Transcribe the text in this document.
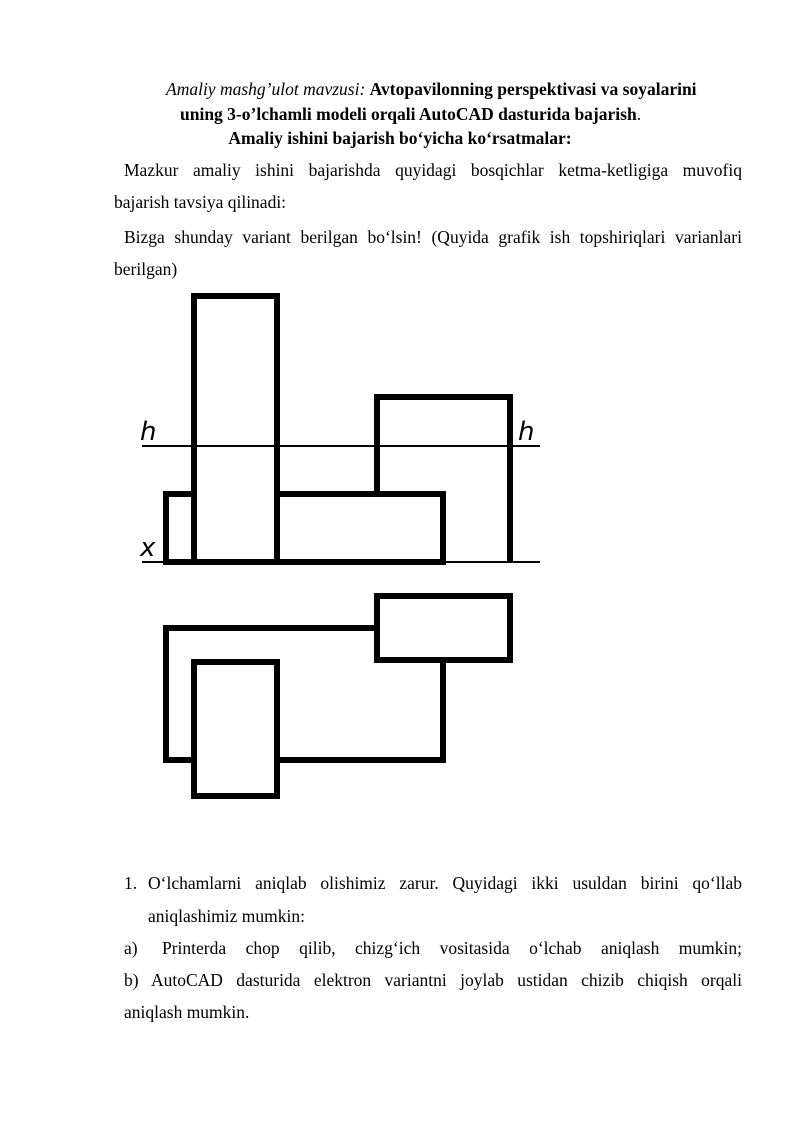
Amaliy mashg’ulot mavzusi: Avtopavilonning perspektivasi va soyalarini
uning 3-o’lchamli modeli orqali AutoCAD dasturida bajarish.
Amaliy ishini bajarish bo‘yicha ko‘rsatmalar:
Mazkur amaliy ishini bajarishda quyidagi bosqichlar ketma-ketligiga muvofiq
bajarish tavsiya qilinadi:
Bizga shunday variant berilgan bo‘lsin! (Quyida grafik ish topshiriqlari varianlari
berilgan)
h	h
x
1. O‘lchamlarni aniqlab olishimiz zarur. Quyidagi ikki usuldan birini qo‘llab
aniqlashimiz mumkin:
a) Printerda chop qilib, chizg‘ich vositasida o‘lchab aniqlash mumkin;
b) AutoCAD dasturida elektron variantni joylab ustidan chizib chiqish orqali
aniqlash mumkin.
